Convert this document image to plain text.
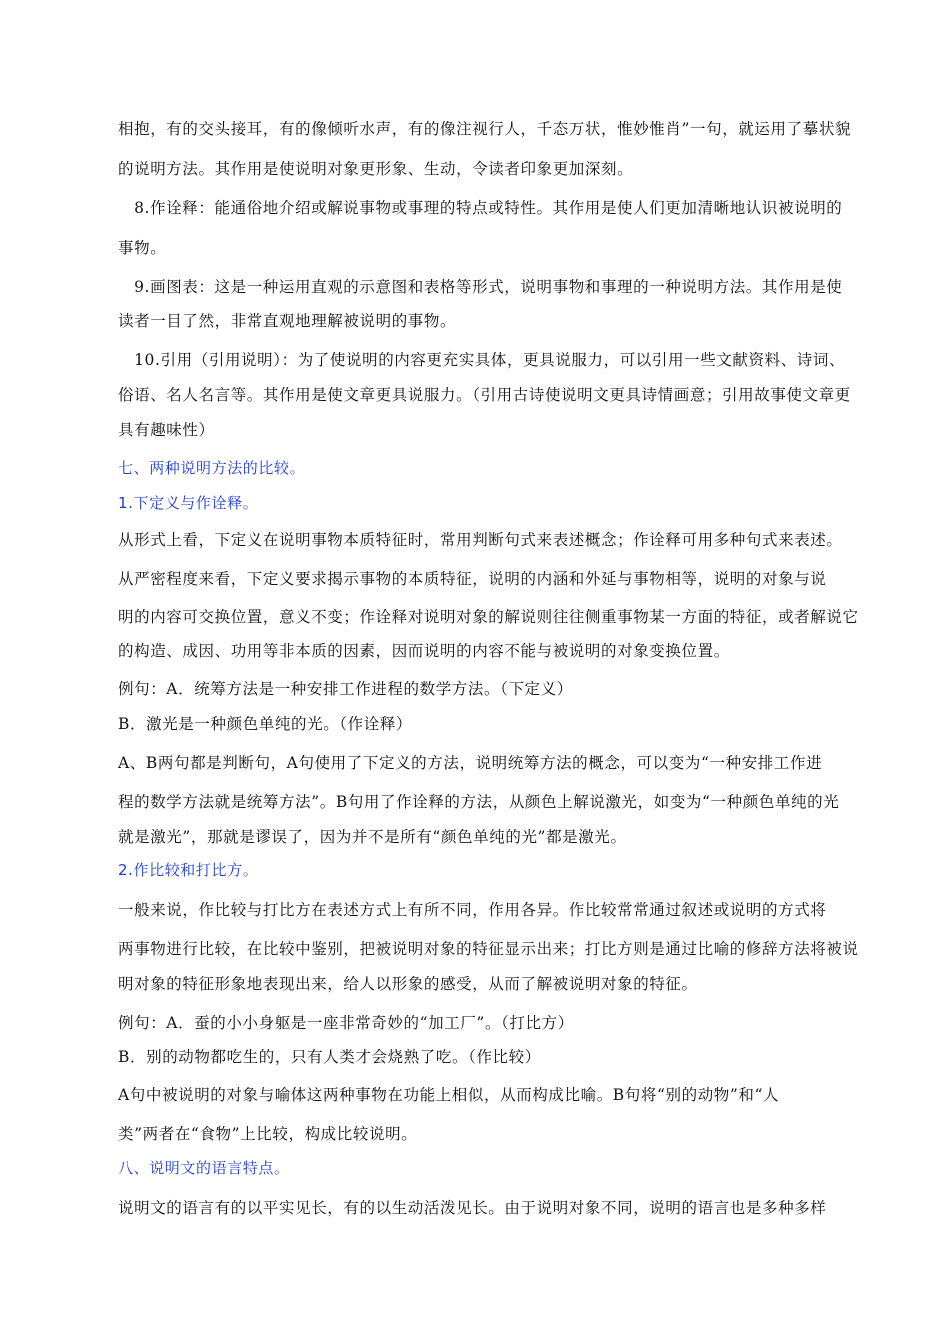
相抱，有的交头接耳，有的像倾听水声，有的像注视行人，千态万状，惟妙惟肖”一句，就运用了摹状貌
的说明方法。其作用是使说明对象更形象、生动，令读者印象更加深刻。
　8.作诠释：能通俗地介绍或解说事物或事理的特点或特性。其作用是使人们更加清晰地认识被说明的
事物。
　9.画图表：这是一种运用直观的示意图和表格等形式，说明事物和事理的一种说明方法。其作用是使
读者一目了然，非常直观地理解被说明的事物。
　10.引用（引用说明）：为了使说明的内容更充实具体，更具说服力，可以引用一些文献资料、诗词、
俗语、名人名言等。其作用是使文章更具说服力。（引用古诗使说明文更具诗情画意；引用故事使文章更
具有趣味性）
七、两种说明方法的比较。
1.下定义与作诠释。
从形式上看，下定义在说明事物本质特征时，常用判断句式来表述概念；作诠释可用多种句式来表述。
从严密程度来看，下定义要求揭示事物的本质特征，说明的内涵和外延与事物相等，说明的对象与说
明的内容可交换位置，意义不变；作诠释对说明对象的解说则往往侧重事物某一方面的特征，或者解说它
的构造、成因、功用等非本质的因素，因而说明的内容不能与被说明的对象变换位置。
例句：A．统筹方法是一种安排工作进程的数学方法。（下定义）
B．激光是一种颜色单纯的光。（作诠释）
A、B两句都是判断句，A句使用了下定义的方法，说明统筹方法的概念，可以变为“一种安排工作进
程的数学方法就是统筹方法”。B句用了作诠释的方法，从颜色上解说激光，如变为“一种颜色单纯的光
就是激光”，那就是谬误了，因为并不是所有“颜色单纯的光”都是激光。
2.作比较和打比方。
一般来说，作比较与打比方在表述方式上有所不同，作用各异。作比较常常通过叙述或说明的方式将
两事物进行比较，在比较中鉴别，把被说明对象的特征显示出来；打比方则是通过比喻的修辞方法将被说
明对象的特征形象地表现出来，给人以形象的感受，从而了解被说明对象的特征。
例句：A．蚕的小小身躯是一座非常奇妙的“加工厂”。（打比方）
B．别的动物都吃生的，只有人类才会烧熟了吃。（作比较）
A句中被说明的对象与喻体这两种事物在功能上相似，从而构成比喻。B句将“别的动物”和“人
类”两者在“食物”上比较，构成比较说明。
八、说明文的语言特点。
说明文的语言有的以平实见长，有的以生动活泼见长。由于说明对象不同，说明的语言也是多种多样
